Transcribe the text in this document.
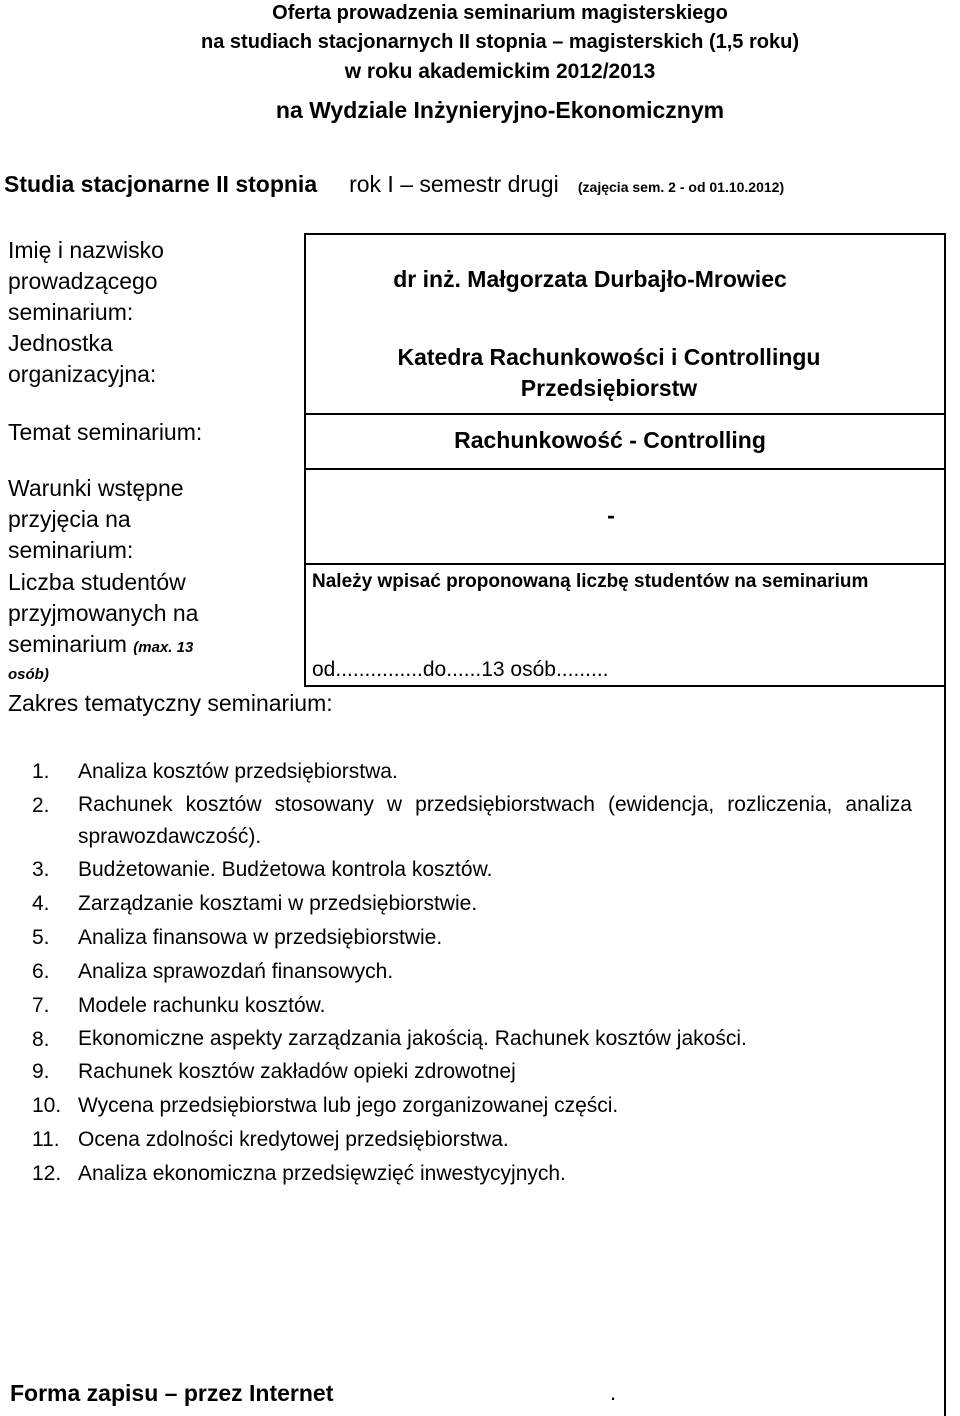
Oferta prowadzenia seminarium magisterskiego
na studiach stacjonarnych II stopnia – magisterskich (1,5 roku)
w roku akademickim 2012/2013
na Wydziale Inżynieryjno-Ekonomicznym
Studia stacjonarne II stopnia rok I – semestr drugi (zajęcia sem. 2 - od 01.10.2012)
Imię i nazwisko
prowadzącego
seminarium:
Jednostka
organizacyjna:
Temat seminarium:
Warunki wstępne
przyjęcia na
seminarium:
Liczba studentów
przyjmowanych na
seminarium (max. 13
osób)
Zakres tematyczny seminarium:
dr inż. Małgorzata Durbajło-Mrowiec
Katedra Rachunkowości i Controllingu
Przedsiębiorstw
Rachunkowość - Controlling
-
Należy wpisać proponowaną liczbę studentów na seminarium
od...............do......13 osób.........
1. Analiza kosztów przedsiębiorstwa.
2. Rachunek kosztów stosowany w przedsiębiorstwach (ewidencja, rozliczenia, analiza sprawozdawczość).
3. Budżetowanie. Budżetowa kontrola kosztów.
4. Zarządzanie kosztami w przedsiębiorstwie.
5. Analiza finansowa w przedsiębiorstwie.
6. Analiza sprawozdań finansowych.
7. Modele rachunku kosztów.
8. Ekonomiczne aspekty zarządzania jakością. Rachunek kosztów jakości.
9. Rachunek kosztów zakładów opieki zdrowotnej
10. Wycena przedsiębiorstwa lub jego zorganizowanej części.
11. Ocena zdolności kredytowej przedsiębiorstwa.
12. Analiza ekonomiczna przedsięwzięć inwestycyjnych.
Forma zapisu – przez Internet	.
